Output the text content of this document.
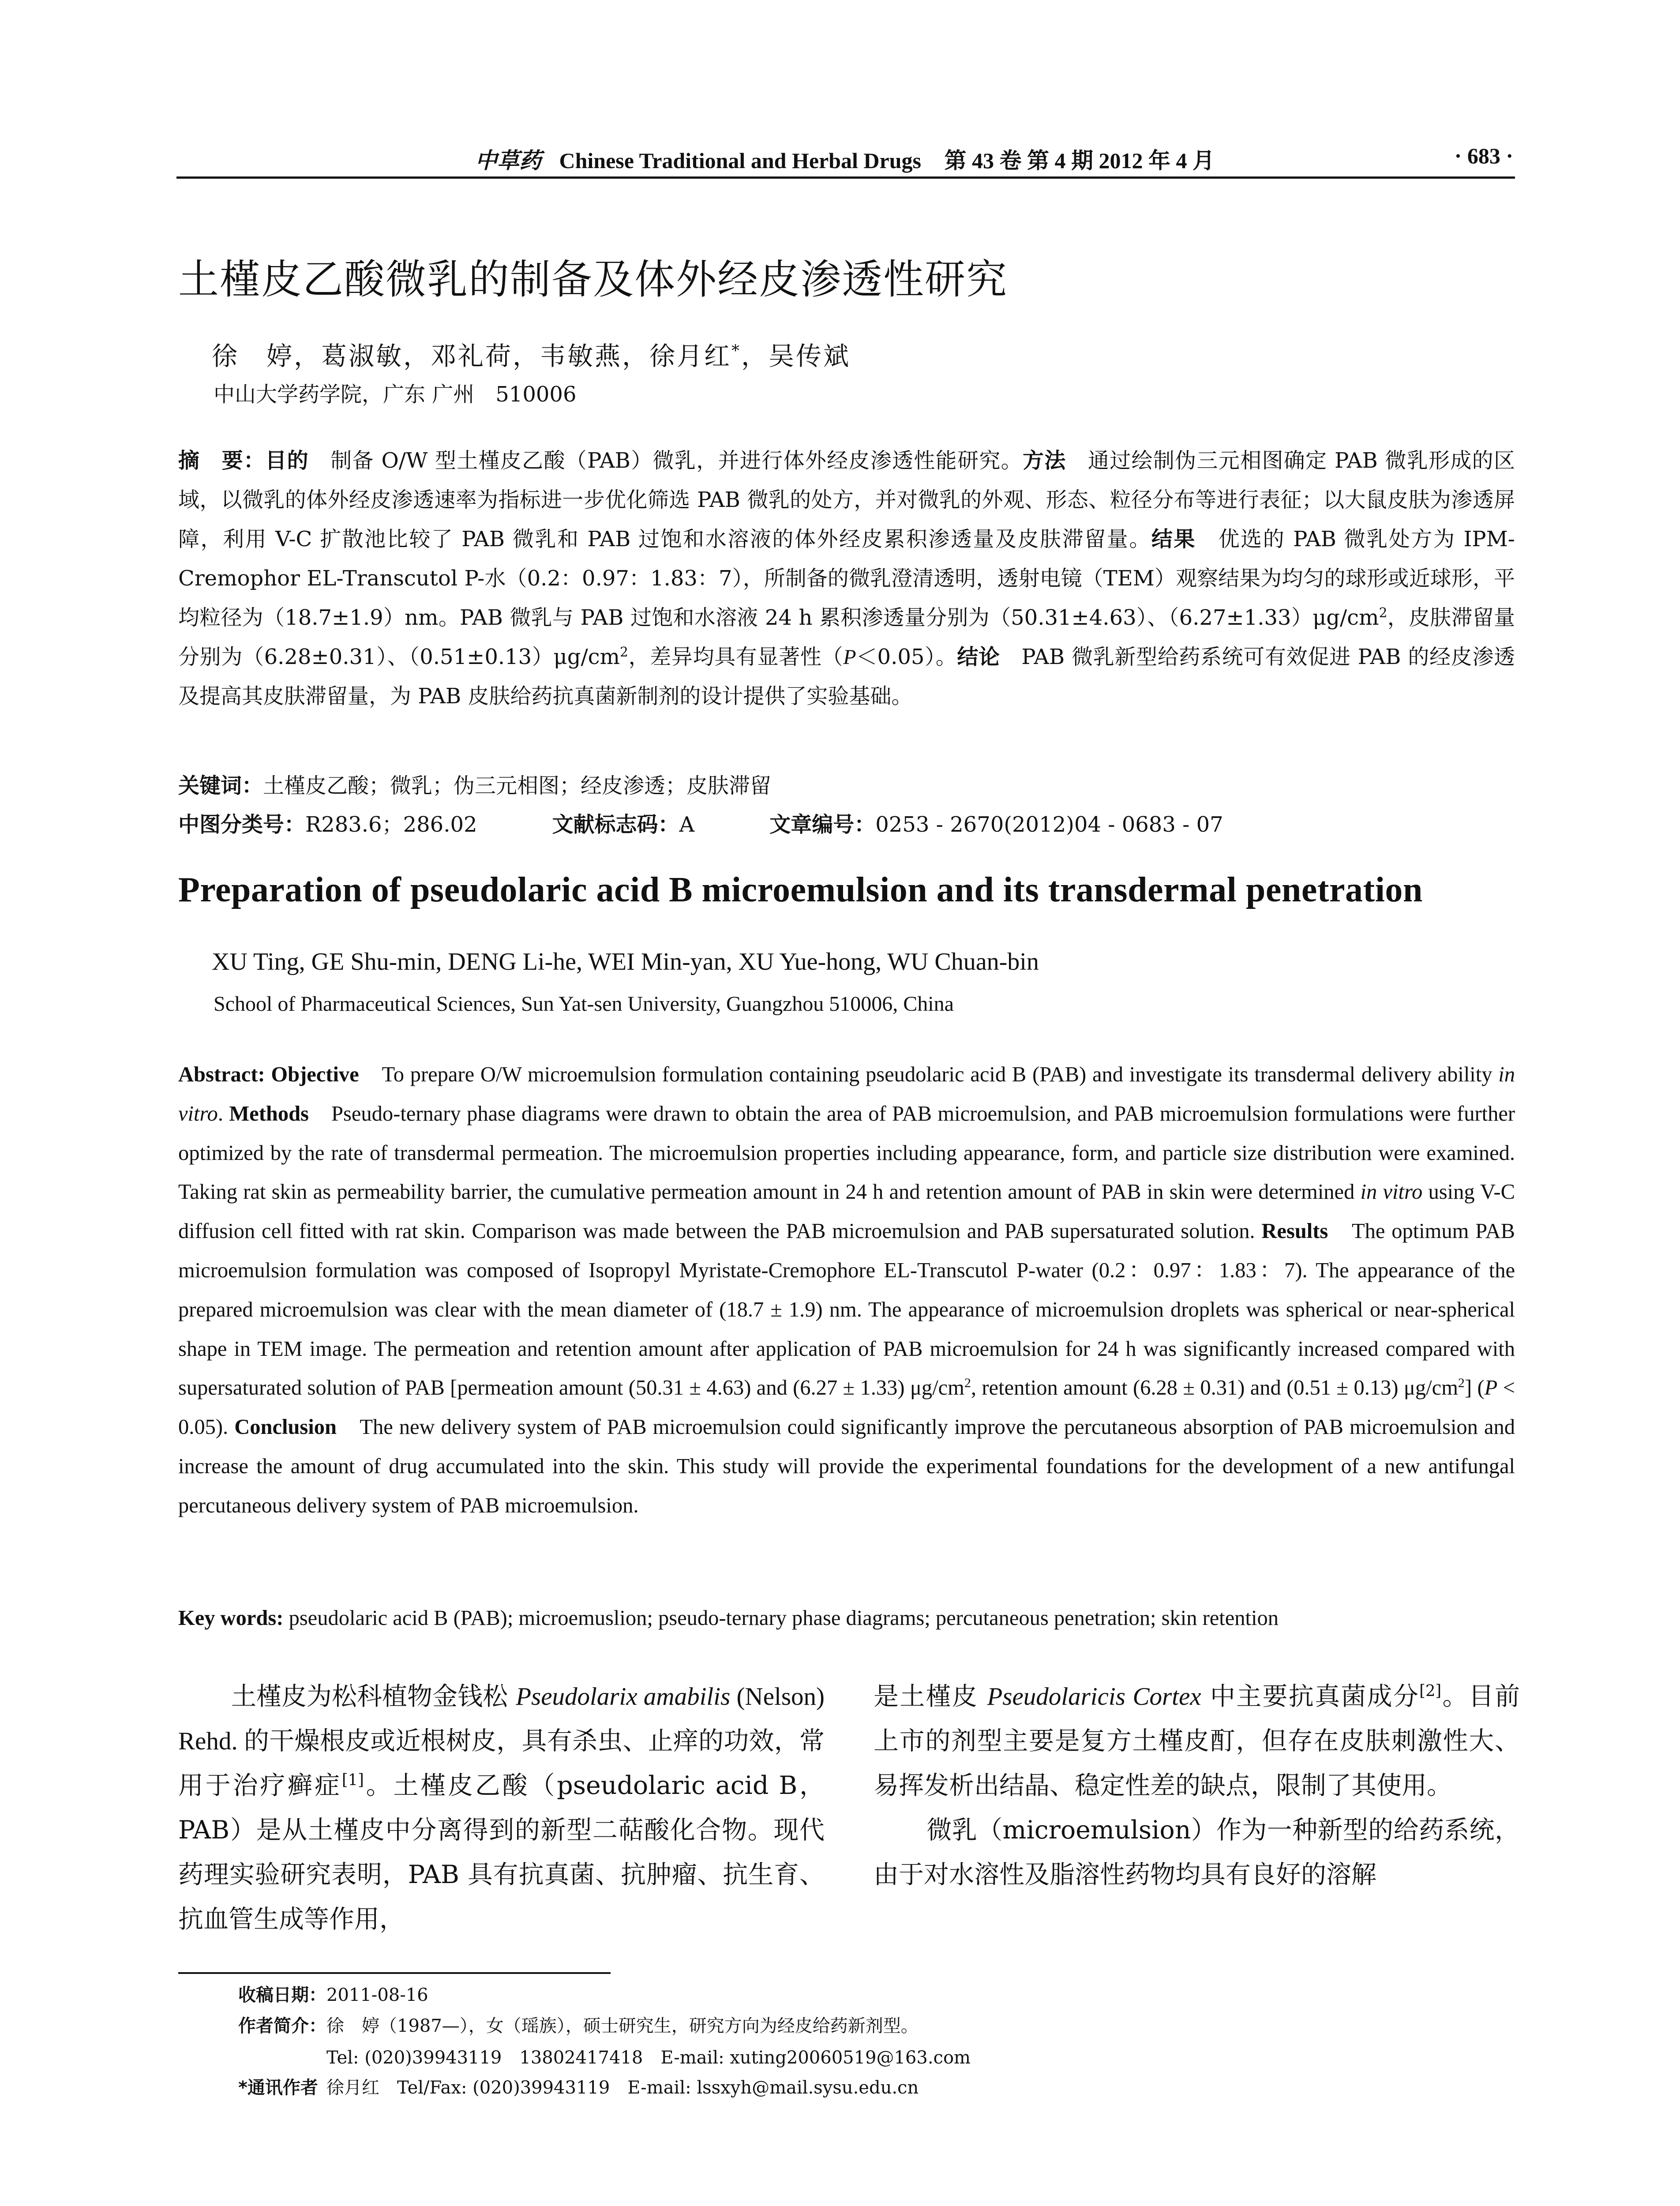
中草药 Chinese Traditional and Herbal Drugs 第 43 卷 第 4 期 2012 年 4 月	· 683 ·
土槿皮乙酸微乳的制备及体外经皮渗透性研究
徐　婷，葛淑敏，邓礼荷，韦敏燕，徐月红*，吴传斌
中山大学药学院，广东 广州　510006
摘　要：目的　制备 O/W 型土槿皮乙酸（PAB）微乳，并进行体外经皮渗透性能研究。方法　通过绘制伪三元相图确定 PAB 微乳形成的区域，以微乳的体外经皮渗透速率为指标进一步优化筛选 PAB 微乳的处方，并对微乳的外观、形态、粒径分布等进行表征；以大鼠皮肤为渗透屏障，利用 V-C 扩散池比较了 PAB 微乳和 PAB 过饱和水溶液的体外经皮累积渗透量及皮肤滞留量。结果　优选的 PAB 微乳处方为 IPM-Cremophor EL-Transcutol P-水（0.2：0.97：1.83：7），所制备的微乳澄清透明，透射电镜（TEM）观察结果为均匀的球形或近球形，平均粒径为（18.7±1.9）nm。PAB 微乳与 PAB 过饱和水溶液 24 h 累积渗透量分别为（50.31±4.63）、$(6.27\pm 1.33)\mu g/cm^2$，皮肤滞留量分别为（6.28±0.31）、$(0.51\pm 0.13)\mu g/cm^2$，差异均具有显著性（P＜0.05）。结论　PAB 微乳新型给药系统可有效促进 PAB 的经皮渗透及提高其皮肤滞留量，为 PAB 皮肤给药抗真菌新制剂的设计提供了实验基础。
关键词：土槿皮乙酸；微乳；伪三元相图；经皮渗透；皮肤滞留
中图分类号：R283.6；286.02	文献标志码：A	文章编号：0253 - 2670(2012)04 - 0683 - 07
Preparation of pseudolaric acid B microemulsion and its transdermal penetration
XU Ting, GE Shu-min, DENG Li-he, WEI Min-yan, XU Yue-hong, WU Chuan-bin
School of Pharmaceutical Sciences, Sun Yat-sen University, Guangzhou 510006, China
Abstract: Objective　To prepare O/W microemulsion formulation containing pseudolaric acid B (PAB) and investigate its transdermal delivery ability in vitro. Methods　Pseudo-ternary phase diagrams were drawn to obtain the area of PAB microemulsion, and PAB microemulsion formulations were further optimized by the rate of transdermal permeation. The microemulsion properties including appearance, form, and particle size distribution were examined. Taking rat skin as permeability barrier, the cumulative permeation amount in 24 h and retention amount of PAB in skin were determined in vitro using V-C diffusion cell fitted with rat skin. Comparison was made between the PAB microemulsion and PAB supersaturated solution. Results　The optimum PAB microemulsion formulation was composed of Isopropyl Myristate-Cremophore EL-Transcutol P-water (0.2：0.97：1.83：7). The appearance of the prepared microemulsion was clear with the mean diameter of (18.7 ± 1.9) nm. The appearance of microemulsion droplets was spherical or near-spherical shape in TEM image. The permeation and retention amount after application of PAB microemulsion for 24 h was significantly increased compared with supersaturated solution of PAB [permeation amount (50.31 ± 4.63) and (6.27 ± 1.33) $\mu g/cm^2$, retention amount (6.28 ± 0.31) and (0.51 ± 0.13) $\mu g/cm^2$] (P < 0.05). Conclusion　The new delivery system of PAB microemulsion could significantly improve the percutaneous absorption of PAB microemulsion and increase the amount of drug accumulated into the skin. This study will provide the experimental foundations for the development of a new antifungal percutaneous delivery system of PAB microemulsion.
Key words: pseudolaric acid B (PAB); microemuslion; pseudo-ternary phase diagrams; percutaneous penetration; skin retention
土槿皮为松科植物金钱松 Pseudolarix amabilis (Nelson) Rehd. 的干燥根皮或近根树皮，具有杀虫、止痒的功效，常用于治疗癣症[1]。土槿皮乙酸（pseudolaric acid B，PAB）是从土槿皮中分离得到的新型二萜酸化合物。现代药理实验研究表明，PAB 具有抗真菌、抗肿瘤、抗生育、抗血管生成等作用，
是土槿皮 Pseudolaricis Cortex 中主要抗真菌成分[2]。目前上市的剂型主要是复方土槿皮酊，但存在皮肤刺激性大、易挥发析出结晶、稳定性差的缺点，限制了其使用。
微乳（microemulsion）作为一种新型的给药系统，由于对水溶性及脂溶性药物均具有良好的溶解
收稿日期：2011-08-16
作者简介：徐　婷（1987—），女（瑶族），硕士研究生，研究方向为经皮给药新剂型。
Tel: (020)39943119　13802417418　E-mail: xuting20060519@163.com
*通讯作者 徐月红　Tel/Fax: (020)39943119　E-mail: lssxyh@mail.sysu.edu.cn
